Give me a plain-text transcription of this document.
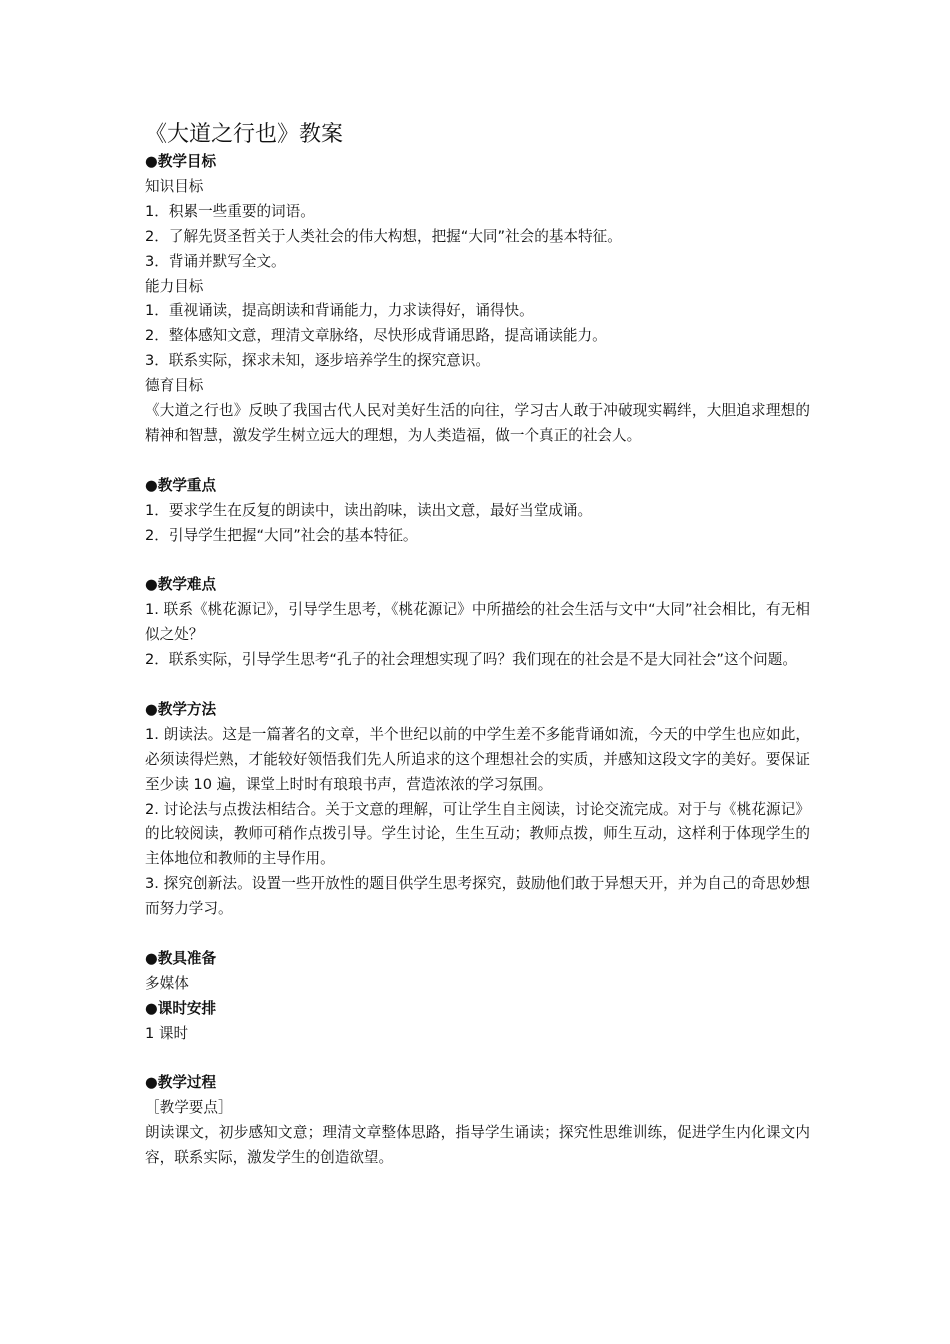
《大道之行也》教案

●教学目标

知识目标

1．积累一些重要的词语。

2．了解先贤圣哲关于人类社会的伟大构想，把握“大同”社会的基本特征。

3．背诵并默写全文。

能力目标

1．重视诵读，提高朗读和背诵能力，力求读得好，诵得快。

2．整体感知文意，理清文章脉络，尽快形成背诵思路，提高诵读能力。

3．联系实际，探求未知，逐步培养学生的探究意识。

德育目标

《大道之行也》反映了我国古代人民对美好生活的向往，学习古人敢于冲破现实羁绊，大胆追求理想的精神和智慧，激发学生树立远大的理想，为人类造福，做一个真正的社会人。

●教学重点

1．要求学生在反复的朗读中，读出韵味，读出文意，最好当堂成诵。

2．引导学生把握“大同”社会的基本特征。

●教学难点

1. 联系《桃花源记》，引导学生思考，《桃花源记》中所描绘的社会生活与文中“大同”社会相比，有无相似之处？

2．联系实际，引导学生思考“孔子的社会理想实现了吗？我们现在的社会是不是大同社会”这个问题。

●教学方法

1. 朗读法。这是一篇著名的文章，半个世纪以前的中学生差不多能背诵如流，今天的中学生也应如此，必须读得烂熟，才能较好领悟我们先人所追求的这个理想社会的实质，并感知这段文字的美好。要保证至少读 10 遍，课堂上时时有琅琅书声，营造浓浓的学习氛围。

2. 讨论法与点拨法相结合。关于文意的理解，可让学生自主阅读，讨论交流完成。对于与《桃花源记》的比较阅读，教师可稍作点拨引导。学生讨论，生生互动；教师点拨，师生互动，这样利于体现学生的主体地位和教师的主导作用。

3. 探究创新法。设置一些开放性的题目供学生思考探究，鼓励他们敢于异想天开，并为自己的奇思妙想而努力学习。

●教具准备

多媒体

●课时安排

1 课时

●教学过程

［教学要点］

朗读课文，初步感知文意；理清文章整体思路，指导学生诵读；探究性思维训练，促进学生内化课文内容，联系实际，激发学生的创造欲望。
